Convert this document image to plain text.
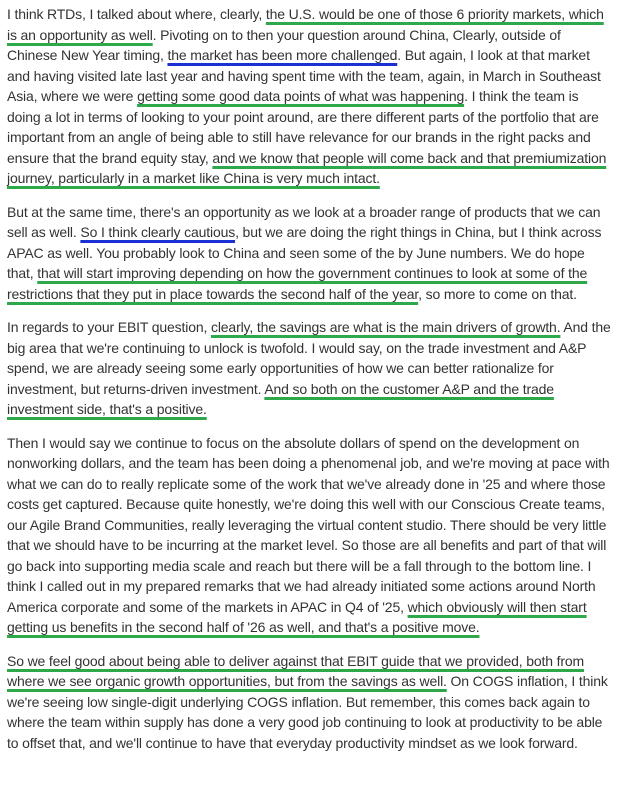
I think RTDs, I talked about where, clearly, the U.S. would be one of those 6 priority markets, which is an opportunity as well. Pivoting on to then your question around China, Clearly, outside of Chinese New Year timing, the market has been more challenged. But again, I look at that market and having visited late last year and having spent time with the team, again, in March in Southeast Asia, where we were getting some good data points of what was happening. I think the team is doing a lot in terms of looking to your point around, are there different parts of the portfolio that are important from an angle of being able to still have relevance for our brands in the right packs and ensure that the brand equity stay, and we know that people will come back and that premiumization journey, particularly in a market like China is very much intact.

But at the same time, there's an opportunity as we look at a broader range of products that we can sell as well. So I think clearly cautious, but we are doing the right things in China, but I think across APAC as well. You probably look to China and seen some of the by June numbers. We do hope that, that will start improving depending on how the government continues to look at some of the restrictions that they put in place towards the second half of the year, so more to come on that.

In regards to your EBIT question, clearly, the savings are what is the main drivers of growth. And the big area that we're continuing to unlock is twofold. I would say, on the trade investment and A&P spend, we are already seeing some early opportunities of how we can better rationalize for investment, but returns-driven investment. And so both on the customer A&P and the trade investment side, that's a positive.

Then I would say we continue to focus on the absolute dollars of spend on the development on nonworking dollars, and the team has been doing a phenomenal job, and we're moving at pace with what we can do to really replicate some of the work that we've already done in '25 and where those costs get captured. Because quite honestly, we're doing this well with our Conscious Create teams, our Agile Brand Communities, really leveraging the virtual content studio. There should be very little that we should have to be incurring at the market level. So those are all benefits and part of that will go back into supporting media scale and reach but there will be a fall through to the bottom line. I think I called out in my prepared remarks that we had already initiated some actions around North America corporate and some of the markets in APAC in Q4 of '25, which obviously will then start getting us benefits in the second half of '26 as well, and that's a positive move.

So we feel good about being able to deliver against that EBIT guide that we provided, both from where we see organic growth opportunities, but from the savings as well. On COGS inflation, I think we're seeing low single-digit underlying COGS inflation. But remember, this comes back again to where the team within supply has done a very good job continuing to look at productivity to be able to offset that, and we'll continue to have that everyday productivity mindset as we look forward.
